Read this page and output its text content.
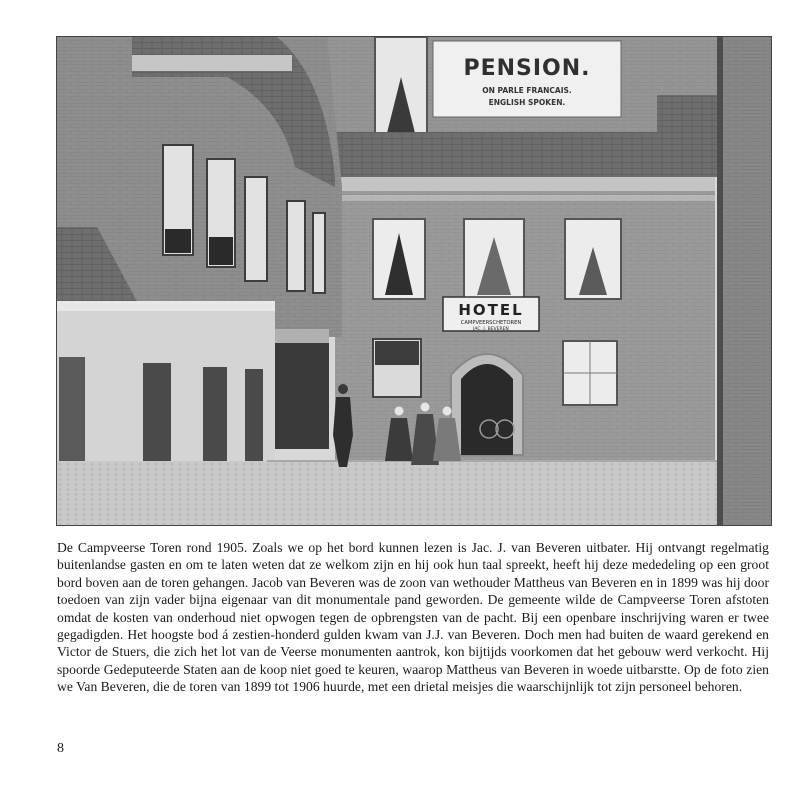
PENSION.
ON PARLE FRANCAIS.
ENGLISH SPOKEN.
HOTEL
CAMPVEERSCHETOREN
JAC. J. BEVEREN

De Campveerse Toren rond 1905. Zoals we op het bord kunnen lezen is Jac. J. van Beveren uitbater. Hij ontvangt regelmatig buitenlandse gasten en om te laten weten dat ze welkom zijn en hij ook hun taal spreekt, heeft hij deze mededeling op een groot bord boven aan de toren gehangen. Jacob van Beveren was de zoon van wethouder Mattheus van Beveren en in 1899 was hij door toedoen van zijn vader bijna eigenaar van dit monumentale pand geworden. De gemeente wilde de Campveerse Toren afstoten omdat de kosten van onderhoud niet opwogen tegen de opbrengsten van de pacht. Bij een openbare inschrijving waren er twee gegadigden. Het hoogste bod á zestien-honderd gulden kwam van J.J. van Beveren. Doch men had buiten de waard gerekend en Victor de Stuers, die zich het lot van de Veerse monumenten aantrok, kon bijtijds voorkomen dat het gebouw werd verkocht. Hij spoorde Gedeputeerde Staten aan de koop niet goed te keuren, waarop Mattheus van Beveren in woede uitbarstte. Op de foto zien we Van Beveren, die de toren van 1899 tot 1906 huurde, met een drietal meisjes die waarschijnlijk tot zijn personeel behoren.

8
